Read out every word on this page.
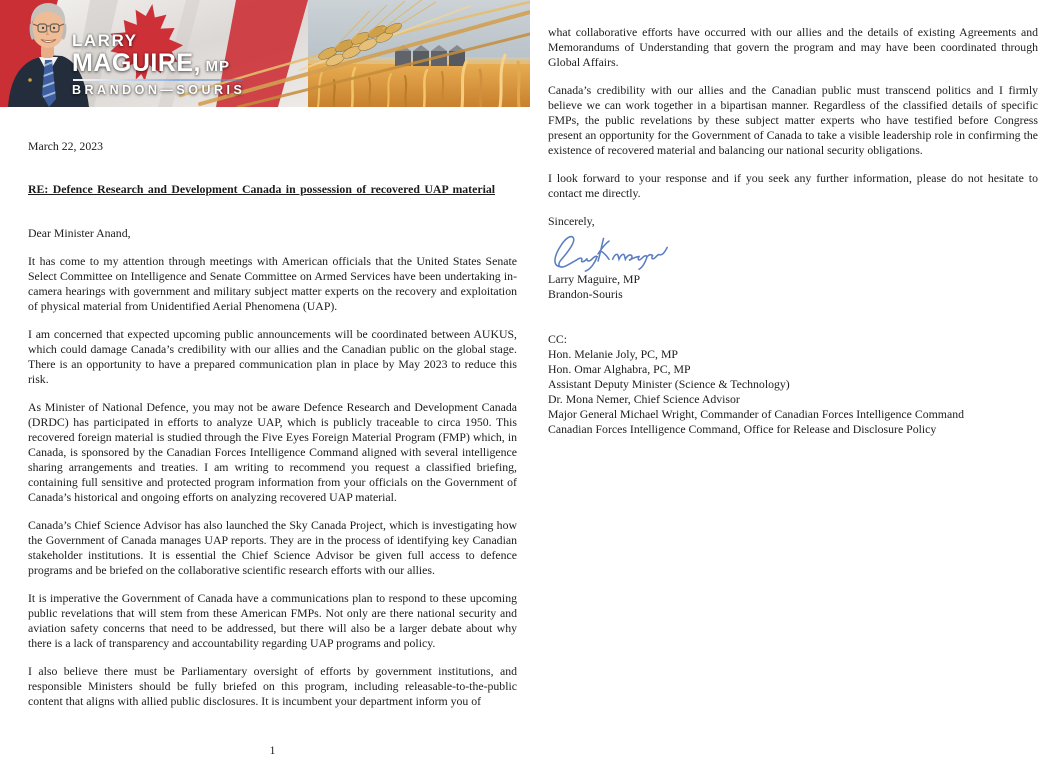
LARRY
MAGUIRE, MP
BRANDON—SOURIS

March 22, 2023

RE: Defence Research and Development Canada in possession of recovered UAP material

Dear Minister Anand,

It has come to my attention through meetings with American officials that the United States Senate Select Committee on Intelligence and Senate Committee on Armed Services have been undertaking in-camera hearings with government and military subject matter experts on the recovery and exploitation of physical material from Unidentified Aerial Phenomena (UAP).

I am concerned that expected upcoming public announcements will be coordinated between AUKUS, which could damage Canada’s credibility with our allies and the Canadian public on the global stage. There is an opportunity to have a prepared communication plan in place by May 2023 to reduce this risk.

As Minister of National Defence, you may not be aware Defence Research and Development Canada (DRDC) has participated in efforts to analyze UAP, which is publicly traceable to circa 1950. This recovered foreign material is studied through the Five Eyes Foreign Material Program (FMP) which, in Canada, is sponsored by the Canadian Forces Intelligence Command aligned with several intelligence sharing arrangements and treaties. I am writing to recommend you request a classified briefing, containing full sensitive and protected program information from your officials on the Government of Canada’s historical and ongoing efforts on analyzing recovered UAP material.

Canada’s Chief Science Advisor has also launched the Sky Canada Project, which is investigating how the Government of Canada manages UAP reports. They are in the process of identifying key Canadian stakeholder institutions. It is essential the Chief Science Advisor be given full access to defence programs and be briefed on the collaborative scientific research efforts with our allies.

It is imperative the Government of Canada have a communications plan to respond to these upcoming public revelations that will stem from these American FMPs. Not only are there national security and aviation safety concerns that need to be addressed, but there will also be a larger debate about why there is a lack of transparency and accountability regarding UAP programs and policy.

I also believe there must be Parliamentary oversight of efforts by government institutions, and responsible Ministers should be fully briefed on this program, including releasable-to-the-public content that aligns with allied public disclosures. It is incumbent your department inform you of

1

what collaborative efforts have occurred with our allies and the details of existing Agreements and Memorandums of Understanding that govern the program and may have been coordinated through Global Affairs.

Canada’s credibility with our allies and the Canadian public must transcend politics and I firmly believe we can work together in a bipartisan manner. Regardless of the classified details of specific FMPs, the public revelations by these subject matter experts who have testified before Congress present an opportunity for the Government of Canada to take a visible leadership role in confirming the existence of recovered material and balancing our national security obligations.

I look forward to your response and if you seek any further information, please do not hesitate to contact me directly.

Sincerely,

Larry Maguire, MP

Brandon-Souris

CC:

Hon. Melanie Joly, PC, MP

Hon. Omar Alghabra, PC, MP

Assistant Deputy Minister (Science & Technology)

Dr. Mona Nemer, Chief Science Advisor

Major General Michael Wright, Commander of Canadian Forces Intelligence Command

Canadian Forces Intelligence Command, Office for Release and Disclosure Policy
